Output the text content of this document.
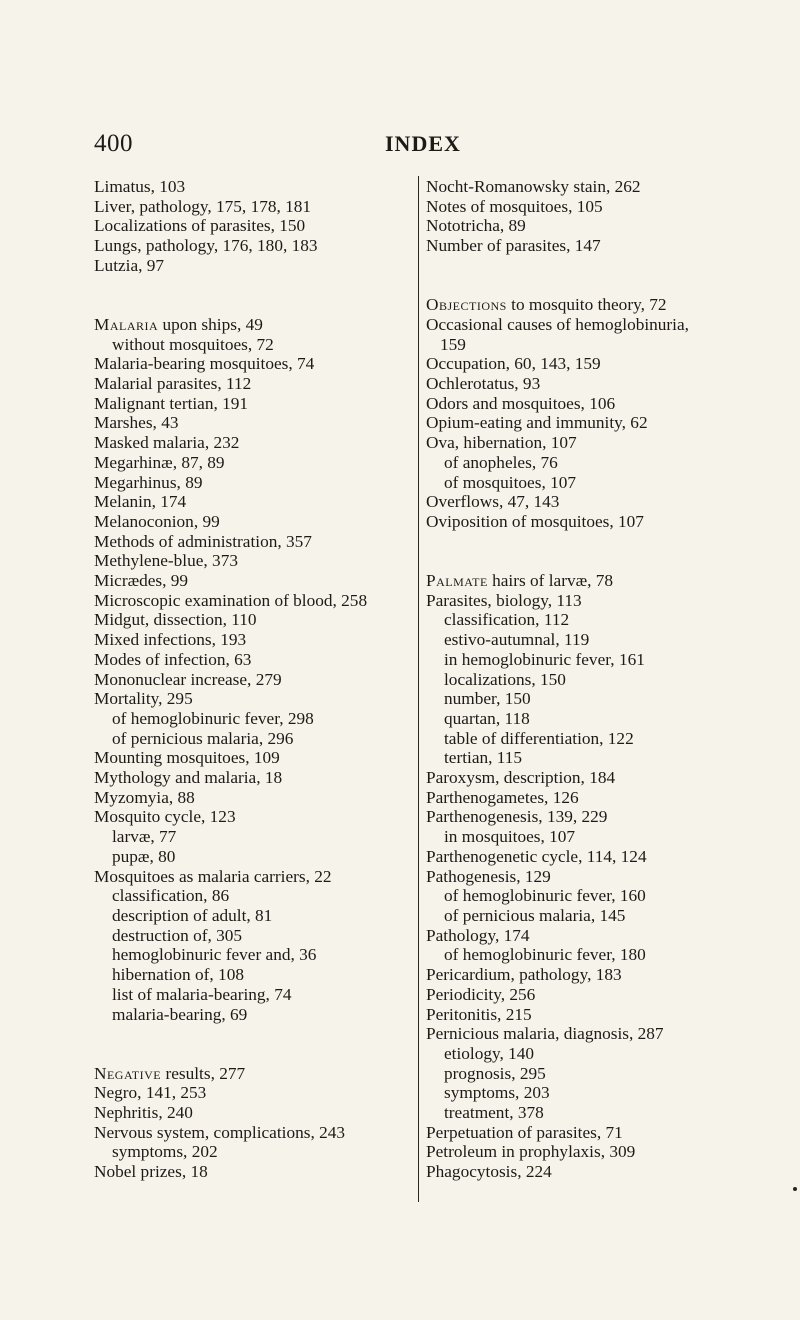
400	INDEX
Limatus, 103
Liver, pathology, 175, 178, 181
Localizations of parasites, 150
Lungs, pathology, 176, 180, 183
Lutzia, 97
Malaria upon ships, 49
without mosquitoes, 72
Malaria-bearing mosquitoes, 74
Malarial parasites, 112
Malignant tertian, 191
Marshes, 43
Masked malaria, 232
Megarhinæ, 87, 89
Megarhinus, 89
Melanin, 174
Melanoconion, 99
Methods of administration, 357
Methylene-blue, 373
Micrædes, 99
Microscopic examination of blood, 258
Midgut, dissection, 110
Mixed infections, 193
Modes of infection, 63
Mononuclear increase, 279
Mortality, 295
of hemoglobinuric fever, 298
of pernicious malaria, 296
Mounting mosquitoes, 109
Mythology and malaria, 18
Myzomyia, 88
Mosquito cycle, 123
larvæ, 77
pupæ, 80
Mosquitoes as malaria carriers, 22
classification, 86
description of adult, 81
destruction of, 305
hemoglobinuric fever and, 36
hibernation of, 108
list of malaria-bearing, 74
malaria-bearing, 69
Negative results, 277
Negro, 141, 253
Nephritis, 240
Nervous system, complications, 243
symptoms, 202
Nobel prizes, 18
Nocht-Romanowsky stain, 262
Notes of mosquitoes, 105
Nototricha, 89
Number of parasites, 147
Objections to mosquito theory, 72
Occasional causes of hemoglobinuria,
159
Occupation, 60, 143, 159
Ochlerotatus, 93
Odors and mosquitoes, 106
Opium-eating and immunity, 62
Ova, hibernation, 107
of anopheles, 76
of mosquitoes, 107
Overflows, 47, 143
Oviposition of mosquitoes, 107
Palmate hairs of larvæ, 78
Parasites, biology, 113
classification, 112
estivo-autumnal, 119
in hemoglobinuric fever, 161
localizations, 150
number, 150
quartan, 118
table of differentiation, 122
tertian, 115
Paroxysm, description, 184
Parthenogametes, 126
Parthenogenesis, 139, 229
in mosquitoes, 107
Parthenogenetic cycle, 114, 124
Pathogenesis, 129
of hemoglobinuric fever, 160
of pernicious malaria, 145
Pathology, 174
of hemoglobinuric fever, 180
Pericardium, pathology, 183
Periodicity, 256
Peritonitis, 215
Pernicious malaria, diagnosis, 287
etiology, 140
prognosis, 295
symptoms, 203
treatment, 378
Perpetuation of parasites, 71
Petroleum in prophylaxis, 309
Phagocytosis, 224
